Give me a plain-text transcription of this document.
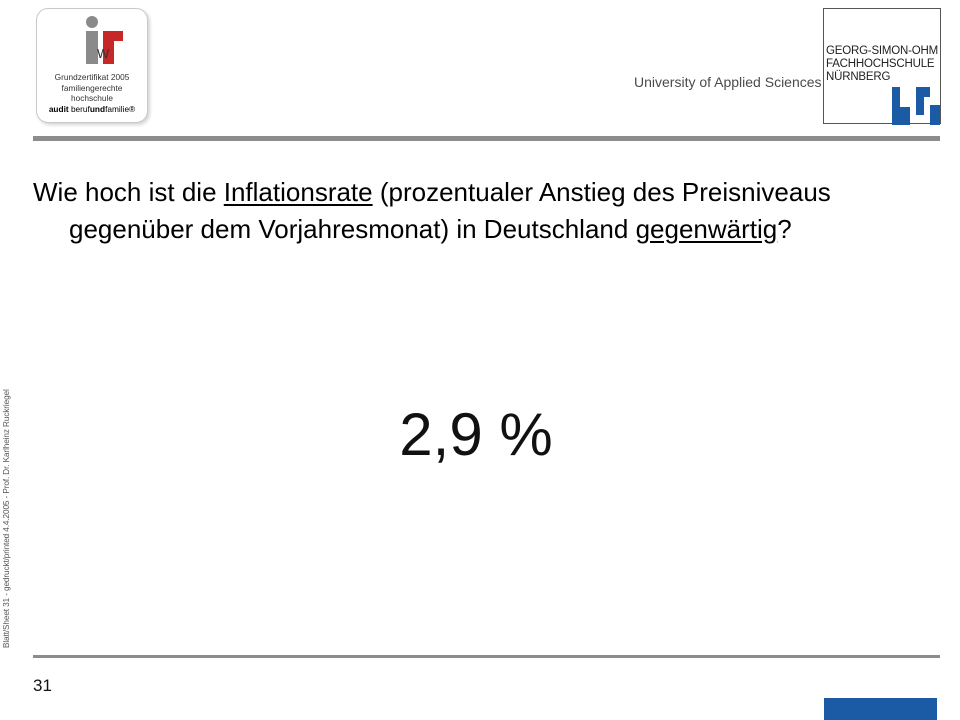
W
Grundzertifikat 2005
familiengerechte
hochschule
audit berufundfamilie®
University of Applied Sciences
GEORG-SIMON-OHM
FACHHOCHSCHULE
NÜRNBERG
Blatt/Sheet 31 - gedruckt/printed 4.4.2005 - Prof. Dr. Karlheinz Ruckriegel
Wie hoch ist die Inflationsrate (prozentualer Anstieg des Preisniveaus gegenüber dem Vorjahresmonat) in Deutschland gegenwärtig?
2,9 %
31
